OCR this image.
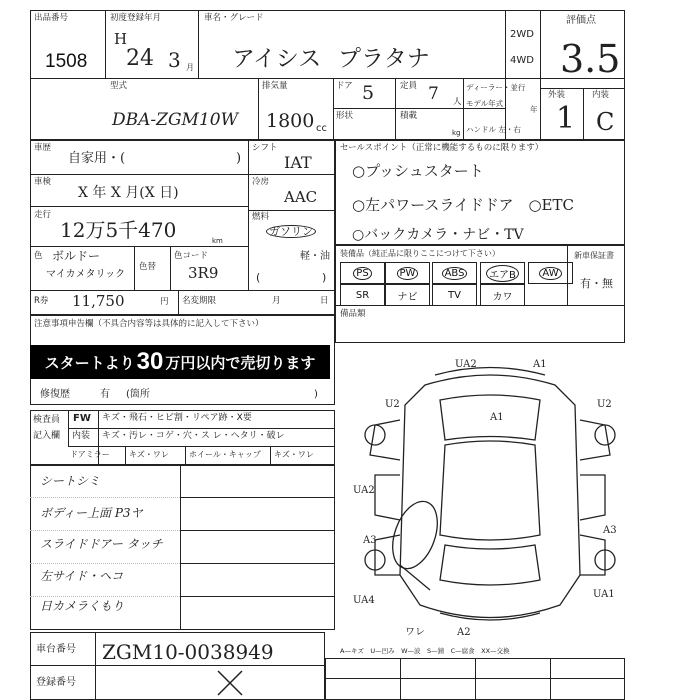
出品番号
1508
初度登録年月
H
24 3 月
車名・グレード
アイシス プラタナ
2WD
4WD
評価点
3.5
型式
DBA-ZGM10W
排気量
1800 cc
ドア 5	定員 7 人
形状	積載
kg
ディーラー・並行
モデル年式
年
ハンドル 左・右
外装	内装
1 C
車歴
自家用・(	)
シフト
IAT
車検
X 年 X 月(X 日)
冷房
AAC
走行
12万5千470	km
燃料
ガソリン
軽・油
(	)
色 ボルドー
マイカメタリック
色替
色コード
3R9
R券 11,750	円 名変期限	月	日
セールスポイント（正常に機能するものに限ります）
○プッシュスタート
○左パワースライドドア　○ETC
○バックカメラ・ナビ・TV
装備品（純正品に限りここにつけて下さい）	新車保証書
有・無
PS	PW	ABS	エアB	AW
SR	ナビ	TV	カワ
備品類
注意事項申告欄（不具合内容等は具体的に記入して下さい）
スタートより 30 万円以内で売切ります
修復歴	有 (箇所	)
検査員
記入欄
FW キズ・飛石・ヒビ割・リペア跡・X要
内装 キズ・汚レ・コゲ・穴・ス レ・ヘタリ・破レ
ドアミラー キズ・ワレ	ホイール・キャップ キズ・ワレ
シートシミ
ボディー上面 P3ヤ
スライドドアー タッチ
左サイド・ヘコ
日カメラくもり
UA2	A1
U2	U2
A1
UA2
A3
A3
UA4
UA1
ワレ	A2
車台番号 ZGM10-0038949
登録番号
A—キズ　U—凹み　W—波　S—錆　C—腐食　XX—交換
